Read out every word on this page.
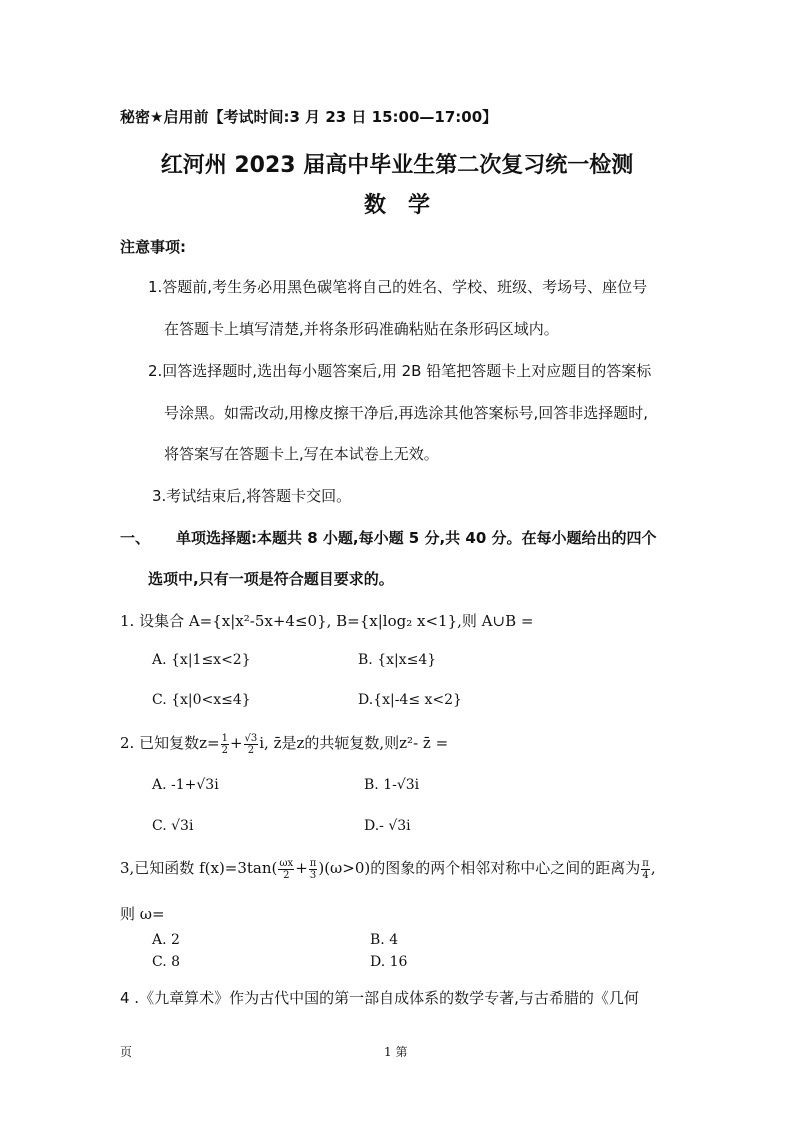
秘密★启用前【考试时间:3 月 23 日 15:00—17:00】
红河州 2023 届高中毕业生第二次复习统一检测
数学
注意事项:
1.答题前,考生务必用黑色碳笔将自己的姓名、学校、班级、考场号、座位号
在答题卡上填写清楚,并将条形码准确粘贴在条形码区域内。
2.回答选择题时,选出每小题答案后,用 2B 铅笔把答题卡上对应题目的答案标
号涂黑。如需改动,用橡皮擦干净后,再选涂其他答案标号,回答非选择题时,
将答案写在答题卡上,写在本试卷上无效。
3.考试结束后,将答题卡交回。
一、 单项选择题:本题共 8 小题,每小题 5 分,共 40 分。在每小题给出的四个
选项中,只有一项是符合题目要求的。
1. 设集合 A={x|x²-5x+4≤0}, B={x|log₂ x<1},则 A∪B =
A. {x|1≤x<2}	B. {x|x≤4}
C. {x|0<x≤4}	D.{x|-4≤ x<2}
2. 已知复数$z= \frac{1}{2} + \frac{√3}{2} i$, z̄是z的共轭复数,则z²- z̄ =
A. -1+√3i	B. 1-√3i
C. √3i	D.- √3i
3,已知函数 $f(x)=3\tan( \frac{\omega x}{2} + \frac{\pi}{3} )(\omega>0)$的图象的两个相邻对称中心之间的距离为 $\frac{\pi}{4}$ ,
则 ω=
A. 2	B. 4
C. 8	D. 16
4 .《九章算术》作为古代中国的第一部自成体系的数学专著,与古希腊的《几何
页	1 第
